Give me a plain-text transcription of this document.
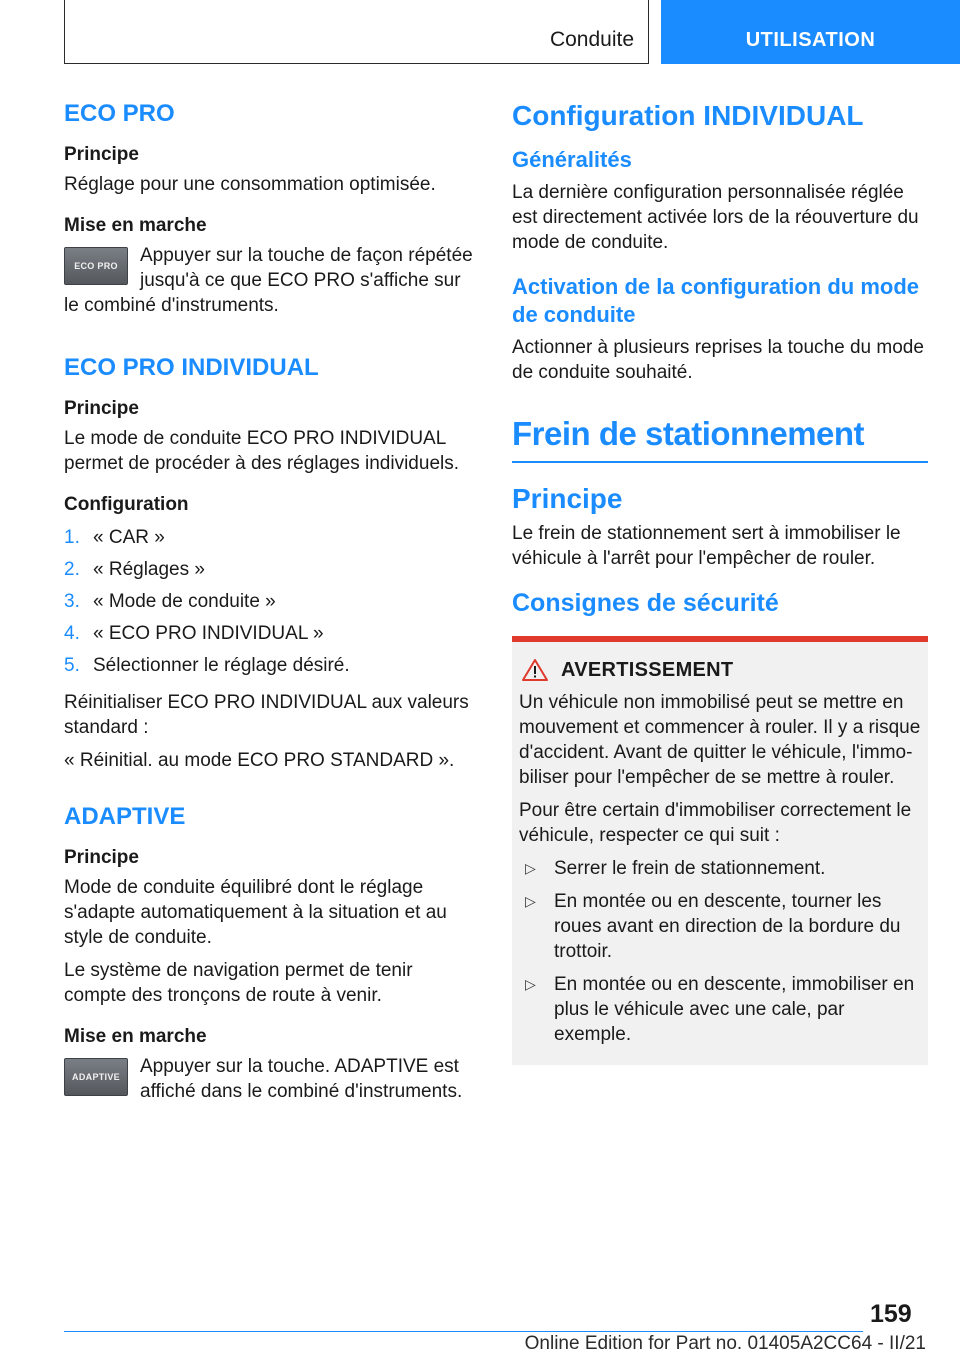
Conduite	UTILISATION
ECO PRO
Principe

Réglage pour une consommation optimisée.

Mise en marche
ECO PRO	Appuyer sur la touche de façon répétée jusqu'à ce que ECO PRO s'affiche sur le combiné d'instruments.

ECO PRO INDIVIDUAL
Principe

Le mode de conduite ECO PRO INDIVIDUAL permet de procéder à des réglages individuels.

Configuration
1. « CAR »
2. « Réglages »
3. « Mode de conduite »
4. « ECO PRO INDIVIDUAL »
5. Sélectionner le réglage désiré.

Réinitialiser ECO PRO INDIVIDUAL aux valeurs standard :

« Réinitial. au mode ECO PRO STANDARD ».

ADAPTIVE
Principe

Mode de conduite équilibré dont le réglage s'adapte automatiquement à la situation et au style de conduite.

Le système de navigation permet de tenir compte des tronçons de route à venir.

Mise en marche
ADAPTIVE	Appuyer sur la touche. ADAPTIVE est affiché dans le combiné d'instruments.

Configuration INDIVIDUAL
Généralités

La dernière configuration personnalisée réglée est directement activée lors de la réouverture du mode de conduite.

Activation de la configuration du mode de conduite

Actionner à plusieurs reprises la touche du mode de conduite souhaité.

Frein de stationnement
Principe

Le frein de stationnement sert à immobiliser le véhicule à l'arrêt pour l'empêcher de rouler.

Consignes de sécurité
AVERTISSEMENT

Un véhicule non immobilisé peut se mettre en mouvement et commencer à rouler. Il y a risque d'accident. Avant de quitter le véhicule, l'immo-biliser pour l'empêcher de se mettre à rouler.

Pour être certain d'immobiliser correctement le véhicule, respecter ce qui suit :

▷ Serrer le frein de stationnement.
▷ En montée ou en descente, tourner les roues avant en direction de la bordure du trottoir.
▷ En montée ou en descente, immobiliser en plus le véhicule avec une cale, par exemple.
159
Online Edition for Part no. 01405A2CC64 - II/21
